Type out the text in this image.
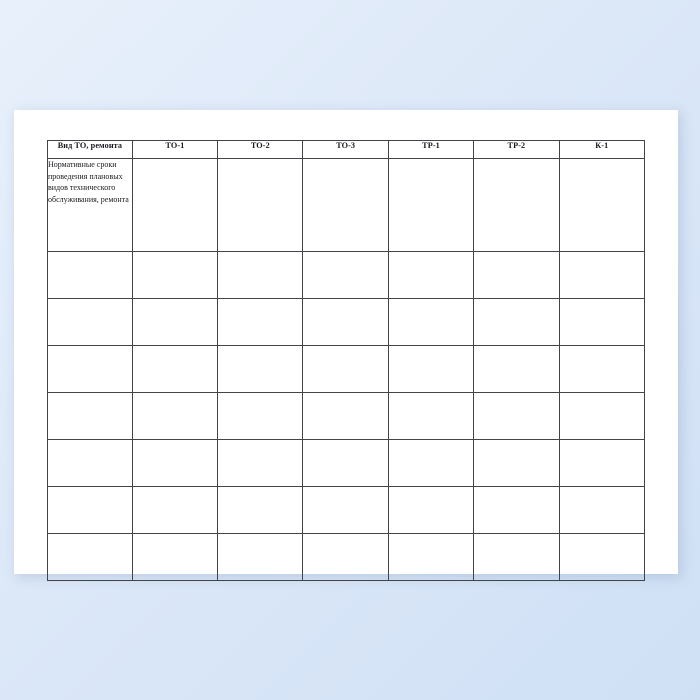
Вид ТО, ремонта	ТО-1	ТО-2	ТО-3	ТР-1	ТР-2	К-1
Нормативные сроки проведения плановых видов технического обслуживания, ремонта						
